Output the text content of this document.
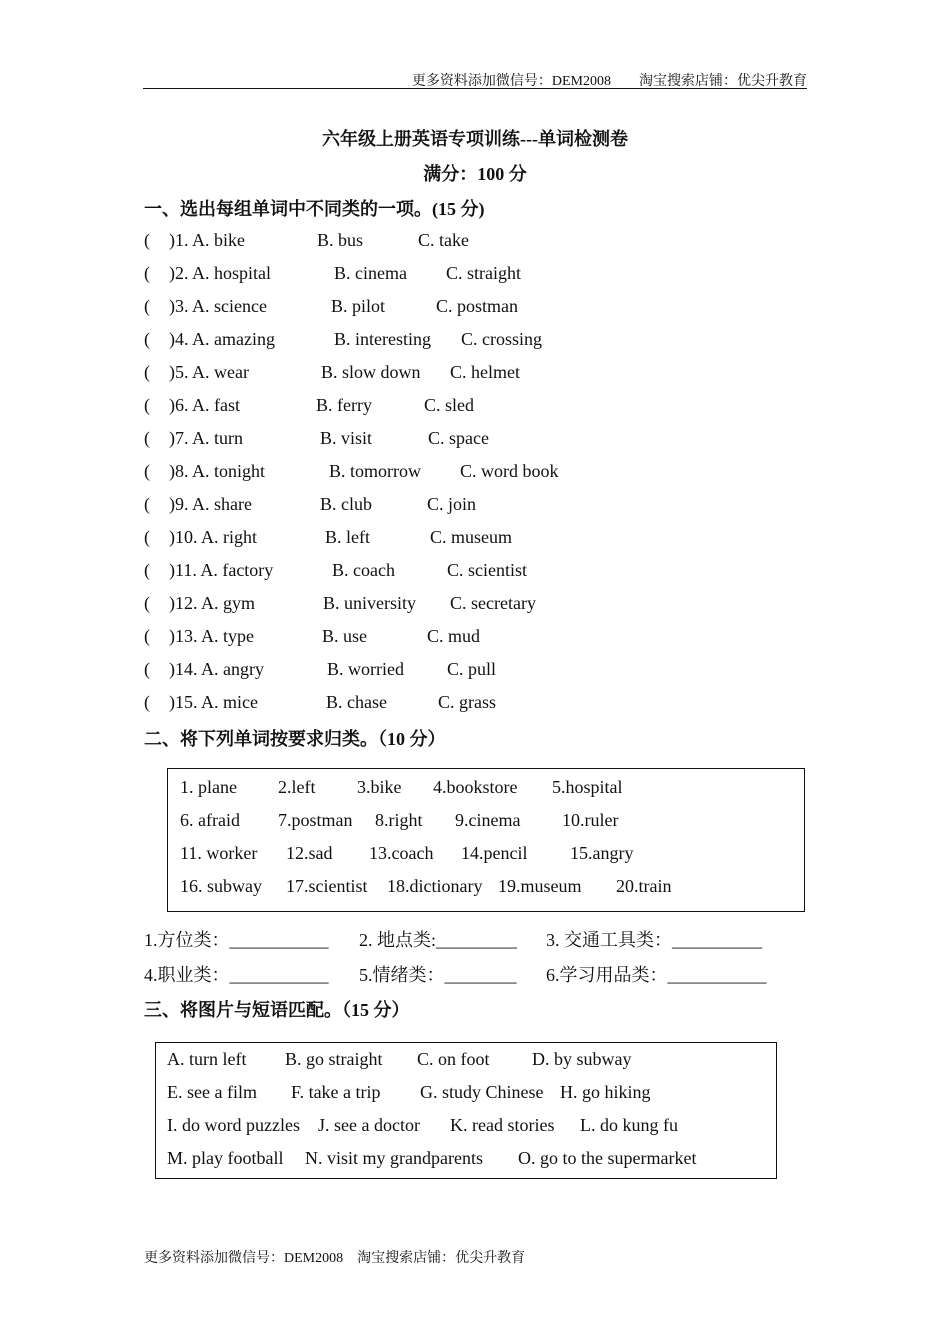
更多资料添加微信号：DEM2008　　淘宝搜索店铺：优尖升教育
六年级上册英语专项训练---单词检测卷
满分：100 分
一、选出每组单词中不同类的一项。(15 分)
( )1. A. bike	B. bus	C. take
( )2. A. hospital	B. cinema C. straight
( )3. A. science	B. pilot	C. postman
( )4. A. amazing	B. interesting C. crossing
( )5. A. wear	B. slow down C. helmet
( )6. A. fast	B. ferry	C. sled
( )7. A. turn	B. visit	C. space
( )8. A. tonight	B. tomorrow C. word book
( )9. A. share	B. club	C. join
( )10. A. right	B. left	C. museum
( )11. A. factory	B. coach	C. scientist
( )12. A. gym	B. university C. secretary
( )13. A. type	B. use	C. mud
( )14. A. angry	B. worried C. pull
( )15. A. mice	B. chase	C. grass
二、将下列单词按要求归类。（10 分）
1. plane 2.left 3.bike 4.bookstore 5.hospital
6. afraid 7.postman 8.right 9.cinema 10.ruler
11. worker 12.sad 13.coach 14.pencil 15.angry
16. subway 17.scientist 18.dictionary 19.museum 20.train
1.方位类：___________ 2. 地点类:_________ 3. 交通工具类：__________
4.职业类：___________ 5.情绪类：________ 6.学习用品类：___________
三、将图片与短语匹配。（15 分）
A. turn left B. go straight C. on foot D. by subway
E. see a film F. take a trip G. study Chinese H. go hiking
I. do word puzzles J. see a doctor K. read stories L. do kung fu
M. play football N. visit my grandparents O. go to the supermarket
更多资料添加微信号：DEM2008　淘宝搜索店铺：优尖升教育
